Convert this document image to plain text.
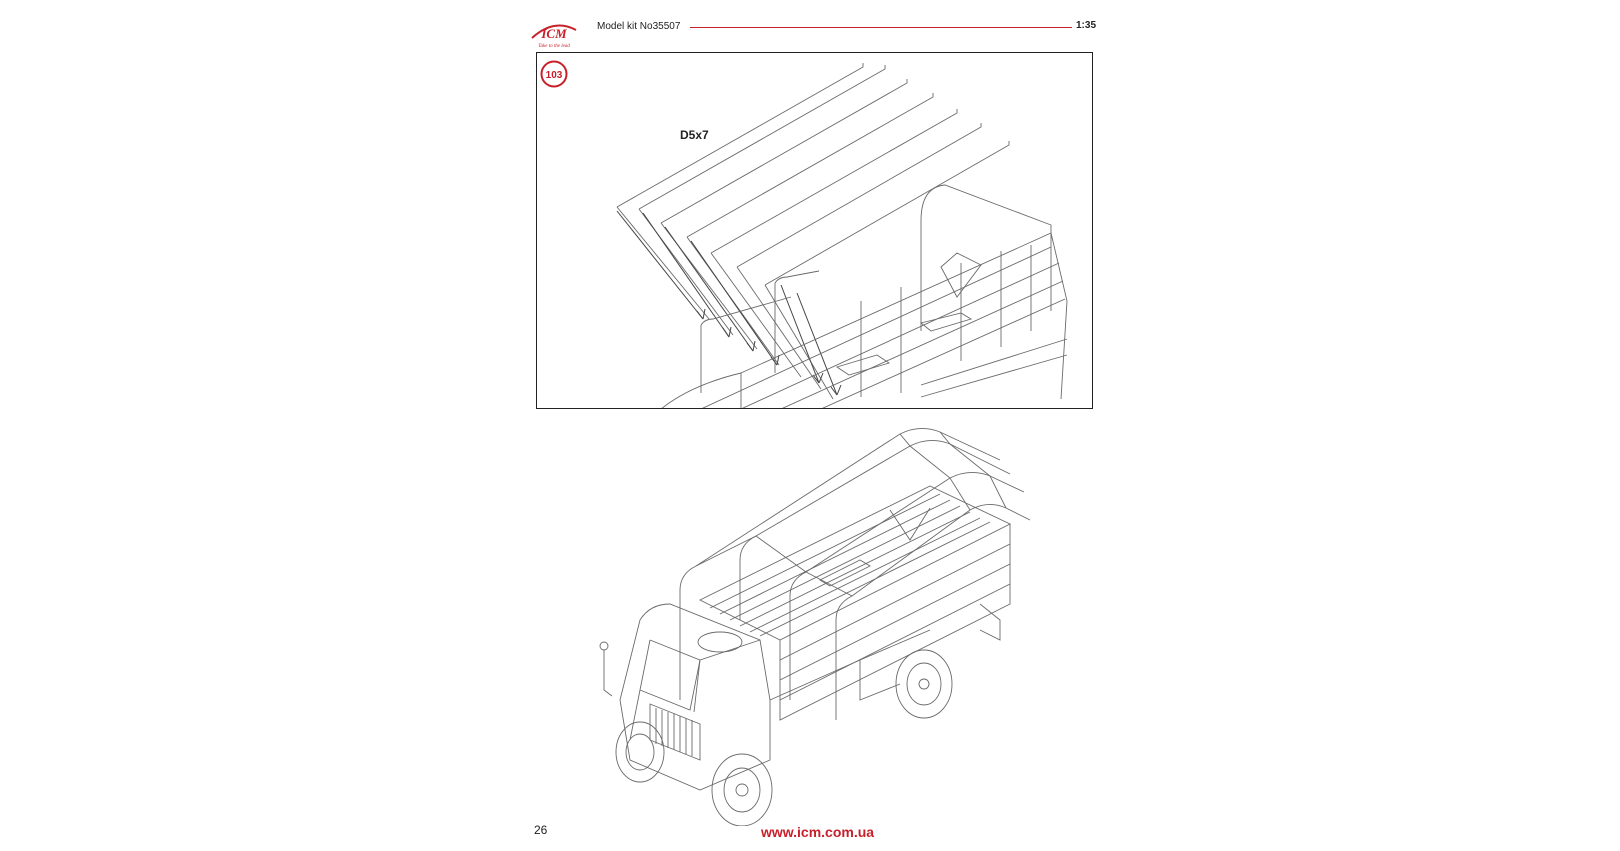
ICM
Take to the lead
Model kit No35507	1:35
103
D5x7
26	www.icm.com.ua
